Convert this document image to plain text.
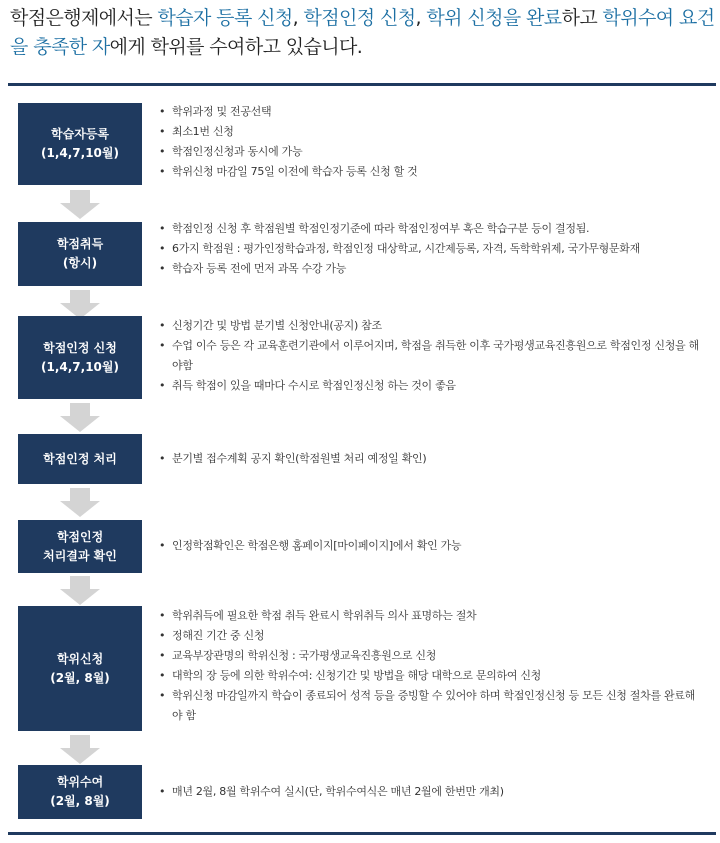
학점은행제에서는 학습자 등록 신청, 학점인정 신청, 학위 신청을 완료하고 학위수여 요건을 충족한 자에게 학위를 수여하고 있습니다.
학습자등록
(1,4,7,10월)
• 학위과정 및 전공선택
• 최소1번 신청
• 학점인정신청과 동시에 가능
• 학위신청 마감일 75일 이전에 학습자 등록 신청 할 것
학점취득
(항시)
• 학점인정 신청 후 학점원별 학점인정기준에 따라 학점인정여부 혹은 학습구분 등이 결정됨.
• 6가지 학점원 : 평가인정학습과정, 학점인정 대상학교, 시간제등록, 자격, 독학학위제, 국가무형문화재
• 학습자 등록 전에 먼저 과목 수강 가능
학점인정 신청
(1,4,7,10월)
• 신청기간 및 방법 분기별 신청안내(공지) 참조
• 수업 이수 등은 각 교육훈련기관에서 이루어지며, 학점을 취득한 이후 국가평생교육진흥원으로 학점인정 신청을 해야함
• 취득 학점이 있을 때마다 수시로 학점인정신청 하는 것이 좋음
학점인정 처리
•	분기별 접수계획 공지 확인(학점원별 처리 예정일 확인)
학점인정
처리결과 확인
• 인정학점확인은 학점은행 홈페이지[마이페이지]에서 확인 가능
학위신청
(2월, 8월)
• 학위취득에 필요한 학점 취득 완료시 학위취득 의사 표명하는 절차
• 정해진 기간 중 신청
• 교육부장관명의 학위신청 : 국가평생교육진흥원으로 신청
• 대학의 장 등에 의한 학위수여: 신청기간 및 방법을 해당 대학으로 문의하여 신청
• 학위신청 마감일까지 학습이 종료되어 성적 등을 증빙할 수 있어야 하며 학점인정신청 등 모든 신청 절차를 완료해야 함
학위수여
(2월, 8월)
• 매년 2월, 8월 학위수여 실시(단, 학위수여식은 매년 2월에 한번만 개최)
